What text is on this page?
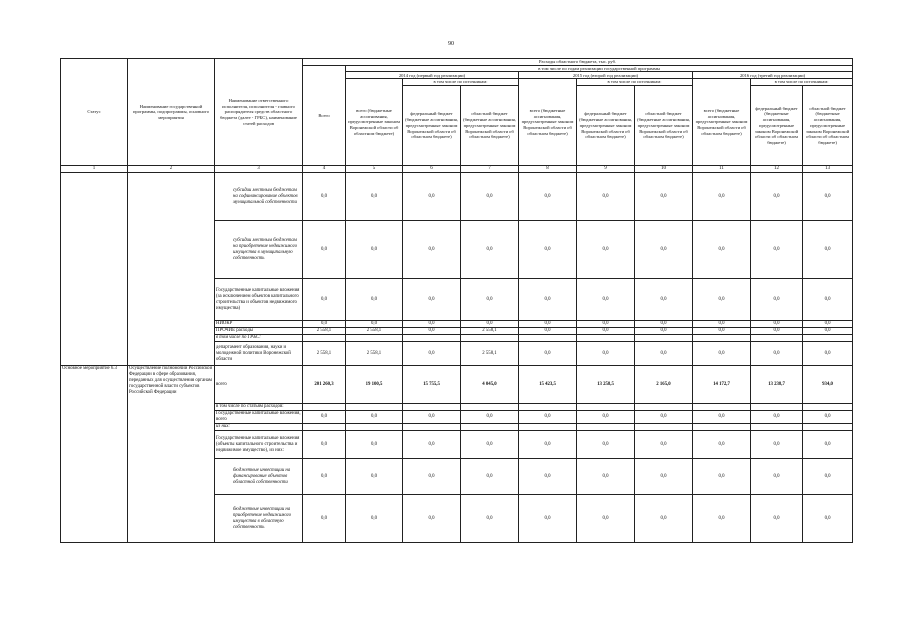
90
Статус	Наименование государственной программы, подпрограммы, основного мероприятия	Наименование ответственного исполнителя, исполнителя - главного распорядителя средств областного бюджета (далее - ГРБС), наименование статей расходов	Расходы областного бюджета, тыс. руб.									
			Всего	в том числе по годам реализации государственной программы								
				2014 год (первый год реализации)			2015 год (второй год реализации)			2016 год (третий год реализации)		
				всего (бюджетные ассигнования, предусмотренные законом Воронежской области об областном бюджете)	в том числе по источникам:		всего (бюджетные ассигнования, предусмотренные законом Воронежской области об областном бюджете)	в том числе по источникам:		всего (бюджетные ассигнования, предусмотренные законом Воронежской области об областном бюджете)	в том числе по источникам:	
					федеральный бюджет (бюджетные ассигнования, предусмотренные законом Воронежской области об областном бюджете)	областной бюджет (бюджетные ассигнования, предусмотренные законом Воронежской области об областном бюджете)		федеральный бюджет (бюджетные ассигнования, предусмотренные законом Воронежской области об областном бюджете)	областной бюджет (бюджетные ассигнования, предусмотренные законом Воронежской области об областном бюджете)		федеральный бюджет (бюджетные ассигнования, предусмотренные законом Воронежской области об областном бюджете)	областной бюджет (бюджетные ассигнования, предусмотренные законом Воронежской области об областном бюджете)
1	2	3	4	5	6	7	8	9	10	11	12	13
		субсидии местным бюджетам на софинансирование объектов муниципальной собственности	0,0	0,0	0,0	0,0	0,0	0,0	0,0	0,0	0,0	0,0
		субсидии местным бюджетам на приобретение недвижимого имущества в муниципальную собственность	0,0	0,0	0,0	0,0	0,0	0,0	0,0	0,0	0,0	0,0
		Государственные капитальные вложения (за исключением объектов капитального строительства и объектов недвижимого имущества)	0,0	0,0	0,0	0,0	0,0	0,0	0,0	0,0	0,0	0,0
		НИОКР	0,0	0,0	0,0	0,0	0,0	0,0	0,0	0,0	0,0	0,0
		ПРОЧИЕ расходы	2 558,1	2 558,1	0,0	2 558,1	0,0	0,0	0,0	0,0	0,0	0,0
		в том числе по ГРБС:										
		департамент образования, науки и молодежной политики Воронежской области	2 558,1	2 558,1	0,0	2 558,1	0,0	0,0	0,0	0,0	0,0	0,0
Основное мероприятие 6.3	Осуществление полномочий Российской Федерации в сфере образования, переданных для осуществления органам государственной власти субъектов Российской Федерации	всего	201 260,3	19 100,5	15 755,5	4 045,0	15 423,5	13 258,5	2 165,0	14 172,7	13 238,7	934,0
		в том числе по статьям расходов:										
		Государственные капитальные вложения, всего	0,0	0,0	0,0	0,0	0,0	0,0	0,0	0,0	0,0	0,0
		из них:										
		Государственные капитальные вложения (объекты капитального строительства и недвижимое имущество), из них:	0,0	0,0	0,0	0,0	0,0	0,0	0,0	0,0	0,0	0,0
		бюджетные инвестиции на финансирование объектов областной собственности	0,0	0,0	0,0	0,0	0,0	0,0	0,0	0,0	0,0	0,0
		бюджетные инвестиции на приобретение недвижимого имущества в областную собственность	0,0	0,0	0,0	0,0	0,0	0,0	0,0	0,0	0,0	0,0
